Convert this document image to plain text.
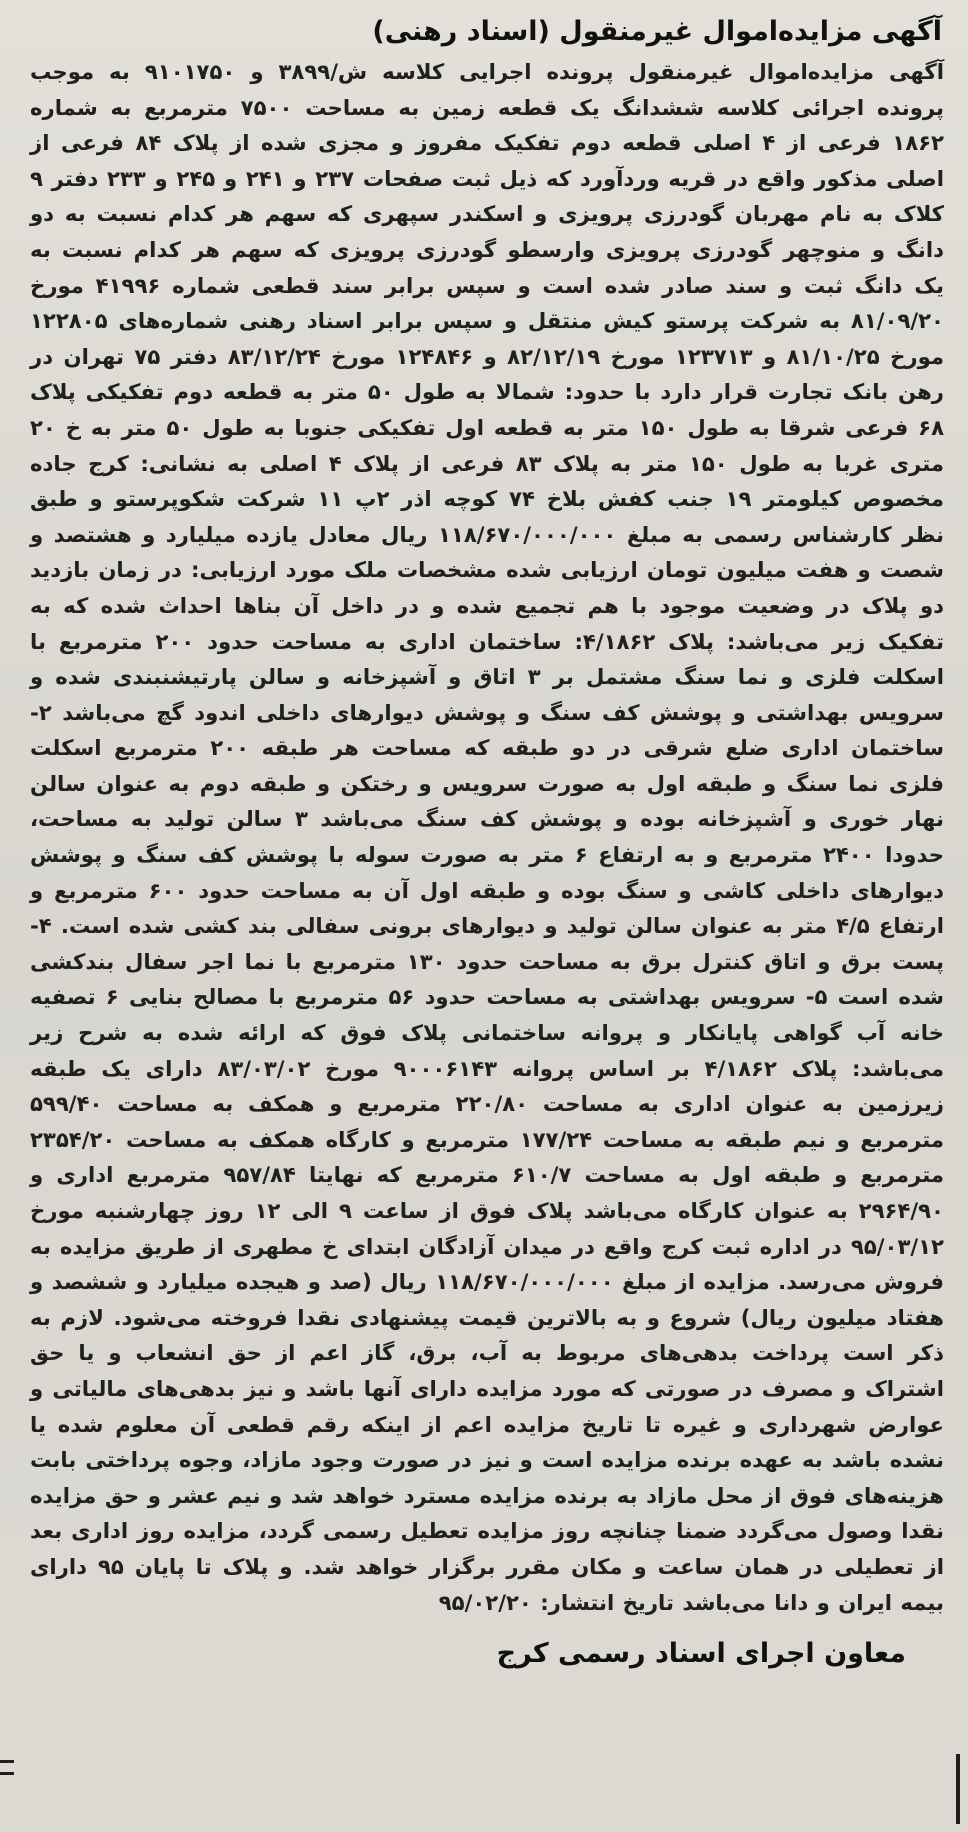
آگهی مزایده‌اموال غیرمنقول (اسناد رهنی)
آگهی مزایده‌اموال غیرمنقول پرونده اجرایی کلاسه ش/۳۸۹۹ و ۹۱۰۱۷۵۰ به موجب پرونده اجرائی کلاسه ششدانگ یک قطعه زمین به مساحت ۷۵۰۰ مترمربع به شماره ۱۸۶۲ فرعی از ۴ اصلی قطعه دوم تفکیک مفروز و مجزی شده از پلاک ۸۴ فرعی از اصلی مذکور واقع در قریه وردآورد که ذیل ثبت صفحات ۲۳۷ و ۲۴۱ و ۲۴۵ و ۲۳۳ دفتر ۹ کلاک به نام مهربان گودرزی پرویزی و اسکندر سپهری که سهم هر کدام نسبت به دو دانگ و منوچهر گودرزی پرویزی وارسطو گودرزی پرویزی که سهم هر کدام نسبت به یک دانگ ثبت و سند صادر شده است و سپس برابر سند قطعی شماره ۴۱۹۹۶ مورخ ۸۱/۰۹/۲۰ به شرکت پرستو کیش منتقل و سپس برابر اسناد رهنی شماره‌های ۱۲۲۸۰۵ مورخ ۸۱/۱۰/۲۵ و ۱۲۳۷۱۳ مورخ ۸۲/۱۲/۱۹ و ۱۲۴۸۴۶ مورخ ۸۳/۱۲/۲۴ دفتر ۷۵ تهران در رهن بانک تجارت قرار دارد با حدود: شمالا به طول ۵۰ متر به قطعه دوم تفکیکی پلاک ۶۸ فرعی شرقا به طول ۱۵۰ متر به قطعه اول تفکیکی جنوبا به طول ۵۰ متر به خ ۲۰ متری غربا به طول ۱۵۰ متر به پلاک ۸۳ فرعی از پلاک ۴ اصلی به نشانی: کرج جاده مخصوص کیلومتر ۱۹ جنب کفش بلاخ ۷۴ کوچه اذر ۲پ ۱۱ شرکت شکوپرستو و طبق نظر کارشناس رسمی به مبلغ ۱۱۸/۶۷۰/۰۰۰/۰۰۰ ریال معادل یازده میلیارد و هشتصد و شصت و هفت میلیون تومان ارزیابی شده مشخصات ملک مورد ارزیابی: در زمان بازدید دو پلاک در وضعیت موجود با هم تجمیع شده و در داخل آن بناها احداث شده که به تفکیک زیر می‌باشد: پلاک ۴/۱۸۶۲: ساختمان اداری به مساحت حدود ۲۰۰ مترمربع با اسکلت فلزی و نما سنگ مشتمل بر ۳ اتاق و آشپزخانه و سالن پارتیشنبندی شده و سرویس بهداشتی و پوشش کف سنگ و پوشش دیوارهای داخلی اندود گچ می‌باشد ۲- ساختمان اداری ضلع شرقی در دو طبقه که مساحت هر طبقه ۲۰۰ مترمربع اسکلت فلزی نما سنگ و طبقه اول به صورت سرویس و رختکن و طبقه دوم به عنوان سالن نهار خوری و آشپزخانه بوده و پوشش کف سنگ می‌باشد ۳ سالن تولید به مساحت، حدودا ۲۴۰۰ مترمربع و به ارتفاع ۶ متر به صورت سوله با پوشش کف سنگ و پوشش دیوارهای داخلی کاشی و سنگ بوده و طبقه اول آن به مساحت حدود ۶۰۰ مترمربع و ارتفاع ۴/۵ متر به عنوان سالن تولید و دیوارهای برونی سفالی بند کشی شده است. ۴- پست برق و اتاق کنترل برق به مساحت حدود ۱۳۰ مترمربع با نما اجر سفال بندکشی شده است ۵- سرویس بهداشتی به مساحت حدود ۵۶ مترمربع با مصالح بنایی ۶ تصفیه خانه آب گواهی پایانکار و پروانه ساختمانی پلاک فوق که ارائه شده به شرح زیر می‌باشد: پلاک ۴/۱۸۶۲ بر اساس پروانه ۹۰۰۰۶۱۴۳ مورخ ۸۳/۰۳/۰۲ دارای یک طبقه زیرزمین به عنوان اداری به مساحت ۲۲۰/۸۰ مترمربع و همکف به مساحت ۵۹۹/۴۰ مترمربع و نیم طبقه به مساحت ۱۷۷/۲۴ مترمربع و کارگاه همکف به مساحت ۲۳۵۴/۲۰ مترمربع و طبقه اول به مساحت ۶۱۰/۷ مترمربع که نهایتا ۹۵۷/۸۴ مترمربع اداری و ۲۹۶۴/۹۰ به عنوان کارگاه می‌باشد پلاک فوق از ساعت ۹ الی ۱۲ روز چهارشنبه مورخ ۹۵/۰۳/۱۲ در اداره ثبت کرج واقع در میدان آزادگان ابتدای خ مطهری از طریق مزایده به فروش می‌رسد. مزایده از مبلغ ۱۱۸/۶۷۰/۰۰۰/۰۰۰ ریال (صد و هیجده میلیارد و ششصد و هفتاد میلیون ریال) شروع و به بالاترین قیمت پیشنهادی نقدا فروخته می‌شود. لازم به ذکر است پرداخت بدهی‌های مربوط به آب، برق، گاز اعم از حق انشعاب و یا حق اشتراک و مصرف در صورتی که مورد مزایده دارای آنها باشد و نیز بدهی‌های مالیاتی و عوارض شهرداری و غیره تا تاریخ مزایده اعم از اینکه رقم قطعی آن معلوم شده یا نشده باشد به عهده برنده مزایده است و نیز در صورت وجود مازاد، وجوه پرداختی بابت هزینه‌های فوق از محل مازاد به برنده مزایده مسترد خواهد شد و نیم عشر و حق مزایده نقدا وصول می‌گردد ضمنا چنانچه روز مزایده تعطیل رسمی گردد، مزایده روز اداری بعد از تعطیلی در همان ساعت و مکان مقرر برگزار خواهد شد. و پلاک تا پایان ۹۵ دارای بیمه ایران و دانا می‌باشد تاریخ انتشار: ۹۵/۰۲/۲۰
معاون اجرای اسناد رسمی کرج
